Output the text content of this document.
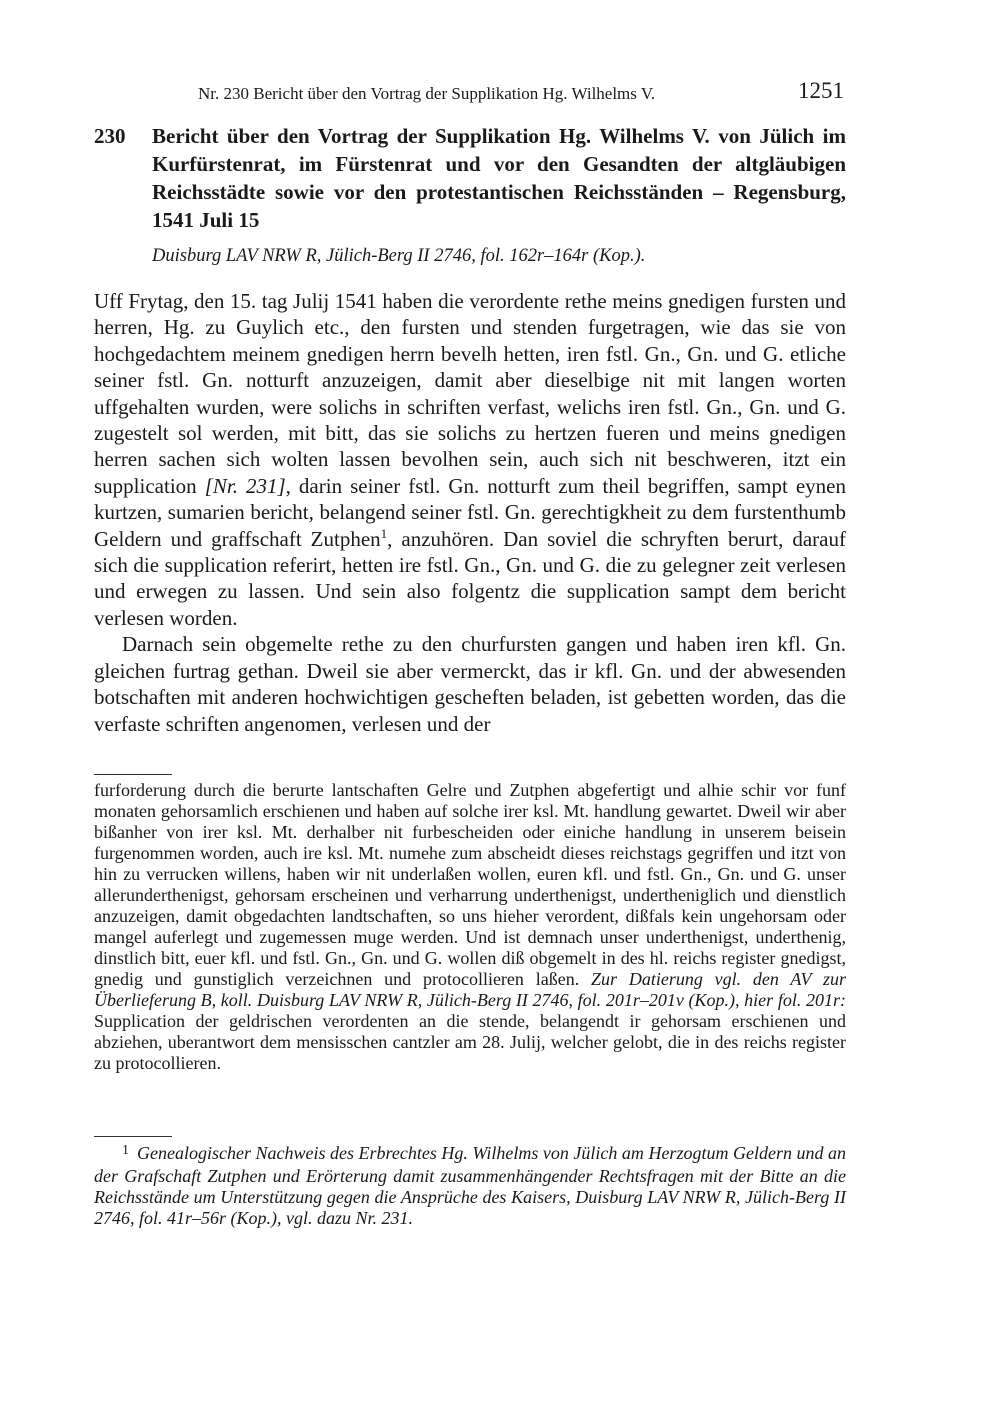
Nr. 230 Bericht über den Vortrag der Supplikation Hg. Wilhelms V.	1251
230 Bericht über den Vortrag der Supplikation Hg. Wilhelms V. von Jülich im Kurfürstenrat, im Fürstenrat und vor den Gesandten der altgläubigen Reichsstädte sowie vor den protestantischen Reichsständen – Regensburg, 1541 Juli 15
Duisburg LAV NRW R, Jülich-Berg II 2746, fol. 162r–164r (Kop.).

Uff Frytag, den 15. tag Julij 1541 haben die verordente rethe meins gnedigen fursten und herren, Hg. zu Guylich etc., den fursten und stenden furgetragen, wie das sie von hochgedachtem meinem gnedigen herrn bevelh hetten, iren fstl. Gn., Gn. und G. etliche seiner fstl. Gn. notturft anzuzeigen, damit aber dieselbige nit mit langen worten uffgehalten wurden, were solichs in schriften verfast, welichs iren fstl. Gn., Gn. und G. zugestelt sol werden, mit bitt, das sie solichs zu hertzen fueren und meins gnedigen herren sachen sich wolten lassen bevolhen sein, auch sich nit beschweren, itzt ein supplication [Nr. 231], darin seiner fstl. Gn. notturft zum theil begriffen, sampt eynen kurtzen, sumarien bericht, belangend seiner fstl. Gn. gerechtigkheit zu dem furstenthumb Geldern und graffschaft Zutphen$^1$, anzuhören. Dan soviel die schryften berurt, darauf sich die supplication referirt, hetten ire fstl. Gn., Gn. und G. die zu gelegner zeit verlesen und erwegen zu lassen. Und sein also folgentz die supplication sampt dem bericht verlesen worden.

Darnach sein obgemelte rethe zu den churfursten gangen und haben iren kfl. Gn. gleichen furtrag gethan. Dweil sie aber vermerckt, das ir kfl. Gn. und der abwesenden botschaften mit anderen hochwichtigen gescheften beladen, ist gebetten worden, das die verfaste schriften angenomen, verlesen und der

furforderung durch die berurte lantschaften Gelre und Zutphen abgefertigt und alhie schir vor funf monaten gehorsamlich erschienen und haben auf solche irer ksl. Mt. handlung gewartet. Dweil wir aber bißanher von irer ksl. Mt. derhalber nit furbescheiden oder einiche handlung in unserem beisein furgenommen worden, auch ire ksl. Mt. numehe zum abscheidt dieses reichstags gegriffen und itzt von hin zu verrucken willens, haben wir nit underlaßen wollen, euren kfl. und fstl. Gn., Gn. und G. unser allerunderthenigst, gehorsam erscheinen und verharrung underthenigst, undertheniglich und dienstlich anzuzeigen, damit obgedachten landtschaften, so uns hieher verordent, dißfals kein ungehorsam oder mangel auferlegt und zugemessen muge werden. Und ist demnach unser underthenigst, underthenig, dinstlich bitt, euer kfl. und fstl. Gn., Gn. und G. wollen diß obgemelt in des hl. reichs register gnedigst, gnedig und gunstiglich verzeichnen und protocollieren laßen. Zur Datierung vgl. den AV zur Überlieferung B, koll. Duisburg LAV NRW R, Jülich-Berg II 2746, fol. 201r–201v (Kop.), hier fol. 201r: Supplication der geldrischen verordenten an die stende, belangendt ir gehorsam erschienen und abziehen, uberantwort dem mensisschen cantzler am 28. Julij, welcher gelobt, die in des reichs register zu protocollieren.

$^1$ Genealogischer Nachweis des Erbrechtes Hg. Wilhelms von Jülich am Herzogtum Geldern und an der Grafschaft Zutphen und Erörterung damit zusammenhängender Rechtsfragen mit der Bitte an die Reichsstände um Unterstützung gegen die Ansprüche des Kaisers, Duisburg LAV NRW R, Jülich-Berg II 2746, fol. 41r–56r (Kop.), vgl. dazu Nr. 231.
